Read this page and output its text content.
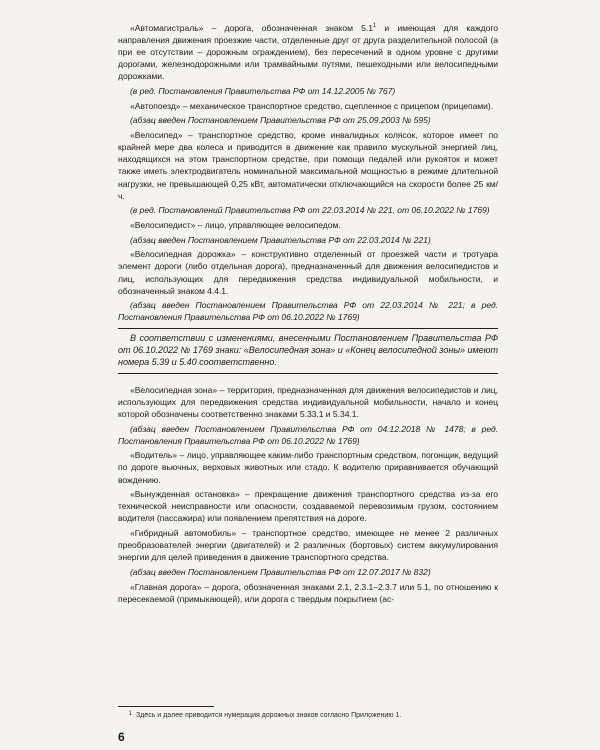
«Автомагистраль» – дорога, обозначенная знаком $5.1^1$ и имеющая для каждого направления движения проезжие части, отделенные друг от друга разделительной полосой (а при ее отсутствии – дорожным ограждением), без пересечений в одном уровне с другими дорогами, железнодорожными или трамвайными путями, пешеходными или велосипедными дорожками.

(в ред. Постановления Правительства РФ от 14.12.2005 № 767)

«Автопоезд» – механическое транспортное средство, сцепленное с прицепом (прицепами).

(абзац введен Постановлением Правительства РФ от 25.09.2003 № 595)

«Велосипед» – транспортное средство, кроме инвалидных колясок, которое имеет по крайней мере два колеса и приводится в движение как правило мускульной энергией лиц, находящихся на этом транспортном средстве, при помощи педалей или рукояток и может также иметь электродвигатель номинальной максимальной мощностью в режиме длительной нагрузки, не превышающей 0,25 кВт, автоматически отключающийся на скорости более 25 км/ч.

(в ред. Постановлений Правительства РФ от 22.03.2014 № 221, от 06.10.2022 № 1769)

«Велосипедист» – лицо, управляющее велосипедом.

(абзац введен Постановлением Правительства РФ от 22.03.2014 № 221)

«Велосипедная дорожка» – конструктивно отделенный от проезжей части и тротуара элемент дороги (либо отдельная дорога), предназначенный для движения велосипедистов и лиц, использующих для передвижения средства индивидуальной мобильности, и обозначенный знаком 4.4.1.

(абзац введен Постановлением Правительства РФ от 22.03.2014 № 221; в ред. Постановления Правительства РФ от 06.10.2022 № 1769)

В соответствии с изменениями, внесенными Постановлением Правительства РФ от 06.10.2022 № 1769 знаки: «Велосипедная зона» и «Конец велосипедной зоны» имеют номера 5.39 и 5.40 соответственно.

«Велосипедная зона» – территория, предназначенная для движения велосипедистов и лиц, использующих для передвижения средства индивидуальной мобильности, начало и конец которой обозначены соответственно знаками 5.33.1 и 5.34.1.

(абзац введен Постановлением Правительства РФ от 04.12.2018 № 1478; в ред. Постановления Правительства РФ от 06.10.2022 № 1769)

«Водитель» – лицо, управляющее каким-либо транспортным средством, погонщик, ведущий по дороге вьючных, верховых животных или стадо. К водителю приравнивается обучающий вождению.

«Вынужденная остановка» – прекращение движения транспортного средства из-за его технической неисправности или опасности, создаваемой перевозимым грузом, состоянием водителя (пассажира) или появлением препятствия на дороге.

«Гибридный автомобиль» – транспортное средство, имеющее не менее 2 различных преобразователей энергии (двигателей) и 2 различных (бортовых) систем аккумулирования энергии для целей приведения в движение транспортного средства.

(абзац введен Постановлением Правительства РФ от 12.07.2017 № 832)

«Главная дорога» – дорога, обозначенная знаками 2.1, 2.3.1–2.3.7 или 5.1, по отношению к пересекаемой (примыкающей), или дорога с твердым покрытием (ас-

1 Здесь и далее приводится нумерация дорожных знаков согласно Приложению 1.
6
